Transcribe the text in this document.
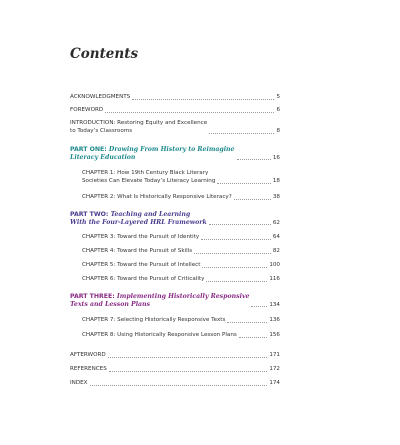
Contents
ACKNOWLEDGMENTS	5
FOREWORD	6
INTRODUCTION: Restoring Equity and Excellence
to Today’s Classrooms	8
PART ONE: Drawing From History to Reimagine
Literacy Education	16
CHAPTER 1: How 19th Century Black Literary
Societies Can Elevate Today’s Literacy Learning	18
CHAPTER 2: What Is Historically Responsive Literacy?	38
PART TWO: Teaching and Learning
With the Four-Layered HRL Framework	62
CHAPTER 3: Toward the Pursuit of Identity	64
CHAPTER 4: Toward the Pursuit of Skills	82
CHAPTER 5: Toward the Pursuit of Intellect	100
CHAPTER 6: Toward the Pursuit of Criticality	116
PART THREE: Implementing Historically Responsive
Texts and Lesson Plans	134
CHAPTER 7: Selecting Historically Responsive Texts	136
CHAPTER 8: Using Historically Responsive Lesson Plans	156
AFTERWORD	171
REFERENCES	172
INDEX	174
